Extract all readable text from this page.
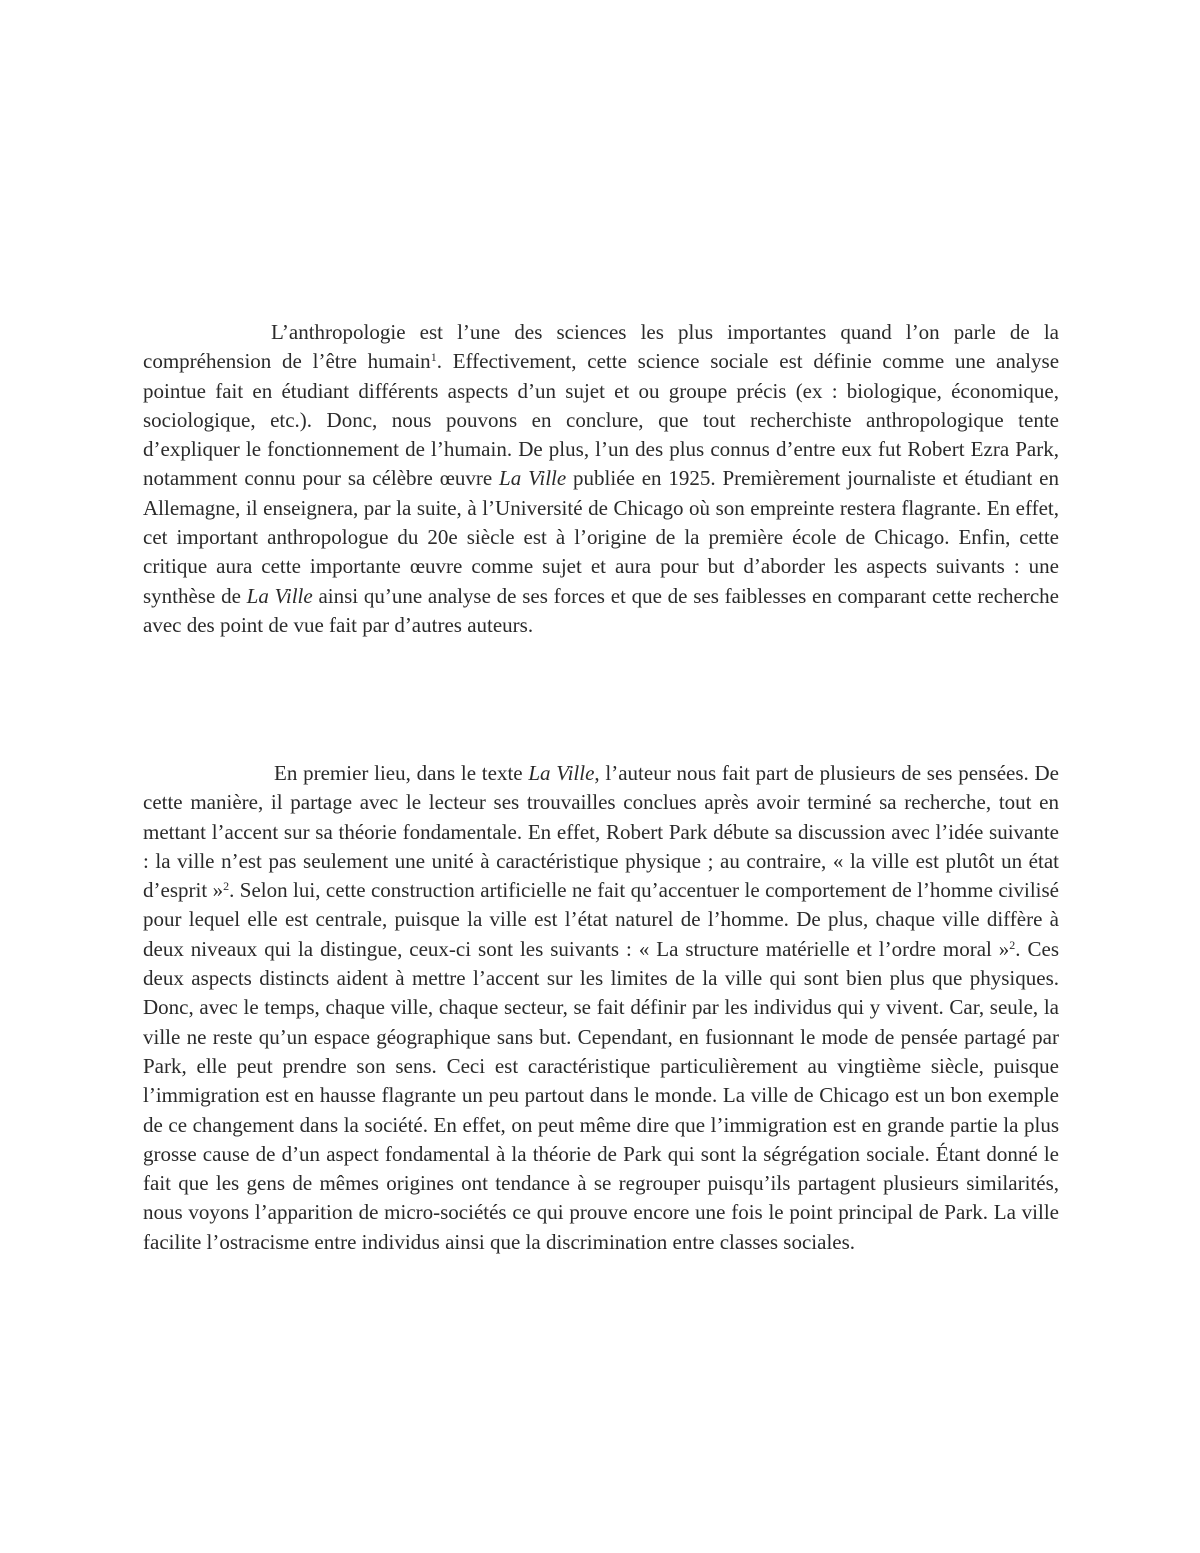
L’anthropologie est l’une des sciences les plus importantes quand l’on parle de la compréhension de l’être humain$^1$. Effectivement, cette science sociale est définie comme une analyse pointue fait en étudiant différents aspects d’un sujet et ou groupe précis (ex : biologique, économique, sociologique, etc.). Donc, nous pouvons en conclure, que tout recherchiste anthropologique tente d’expliquer le fonctionnement de l’humain. De plus, l’un des plus connus d’entre eux fut Robert Ezra Park, notamment connu pour sa célèbre œuvre La Ville publiée en 1925. Premièrement journaliste et étudiant en Allemagne, il enseignera, par la suite, à l’Université de Chicago où son empreinte restera flagrante. En effet, cet important anthropologue du 20e siècle est à l’origine de la première école de Chicago. Enfin, cette critique aura cette importante œuvre comme sujet et aura pour but d’aborder les aspects suivants : une synthèse de La Ville ainsi qu’une analyse de ses forces et que de ses faiblesses en comparant cette recherche avec des point de vue fait par d’autres auteurs.

En premier lieu, dans le texte La Ville, l’auteur nous fait part de plusieurs de ses pensées. De cette manière, il partage avec le lecteur ses trouvailles conclues après avoir terminé sa recherche, tout en mettant l’accent sur sa théorie fondamentale. En effet, Robert Park débute sa discussion avec l’idée suivante : la ville n’est pas seulement une unité à caractéristique physique ; au contraire, « la ville est plutôt un état d’esprit »$^2$. Selon lui, cette construction artificielle ne fait qu’accentuer le comportement de l’homme civilisé pour lequel elle est centrale, puisque la ville est l’état naturel de l’homme. De plus, chaque ville diffère à deux niveaux qui la distingue, ceux-ci sont les suivants : « La structure matérielle et l’ordre moral »$^2$. Ces deux aspects distincts aident à mettre l’accent sur les limites de la ville qui sont bien plus que physiques. Donc, avec le temps, chaque ville, chaque secteur, se fait définir par les individus qui y vivent. Car, seule, la ville ne reste qu’un espace géographique sans but. Cependant, en fusionnant le mode de pensée partagé par Park, elle peut prendre son sens. Ceci est caractéristique particulièrement au vingtième siècle, puisque l’immigration est en hausse flagrante un peu partout dans le monde. La ville de Chicago est un bon exemple de ce changement dans la société. En effet, on peut même dire que l’immigration est en grande partie la plus grosse cause de d’un aspect fondamental à la théorie de Park qui sont la ségrégation sociale. Étant donné le fait que les gens de mêmes origines ont tendance à se regrouper puisqu’ils partagent plusieurs similarités, nous voyons l’apparition de micro-sociétés ce qui prouve encore une fois le point principal de Park. La ville facilite l’ostracisme entre individus ainsi que la discrimination entre classes sociales.
